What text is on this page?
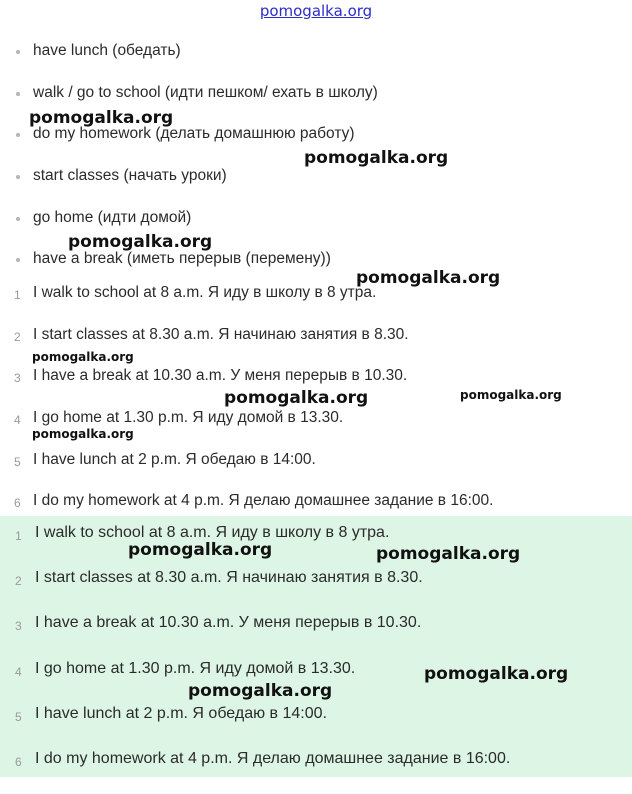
pomogalka.org
have lunch (обедать)
walk / go to school (идти пешком/ ехать в школу)
do my homework (делать домашнюю работу)
start classes (начать уроки)
go home (идти домой)
have a break (иметь перерыв (перемену))
1 I walk to school at 8 a.m. Я иду в школу в 8 утра.
2 I start classes at 8.30 a.m. Я начинаю занятия в 8.30.
3 I have a break at 10.30 a.m. У меня перерыв в 10.30.
4 I go home at 1.30 p.m. Я иду домой в 13.30.
5 I have lunch at 2 p.m. Я обедаю в 14:00.
6 I do my homework at 4 p.m. Я делаю домашнее задание в 16:00.
1 I walk to school at 8 a.m. Я иду в школу в 8 утра.
2 I start classes at 8.30 a.m. Я начинаю занятия в 8.30.
3 I have a break at 10.30 a.m. У меня перерыв в 10.30.
4 I go home at 1.30 p.m. Я иду домой в 13.30.
5 I have lunch at 2 p.m. Я обедаю в 14:00.
6 I do my homework at 4 p.m. Я делаю домашнее задание в 16:00.
pomogalka.org
pomogalka.org
pomogalka.org
pomogalka.org
pomogalka.org
pomogalka.org	pomogalka.org
pomogalka.org
pomogalka.org	pomogalka.org
pomogalka.org
pomogalka.org
